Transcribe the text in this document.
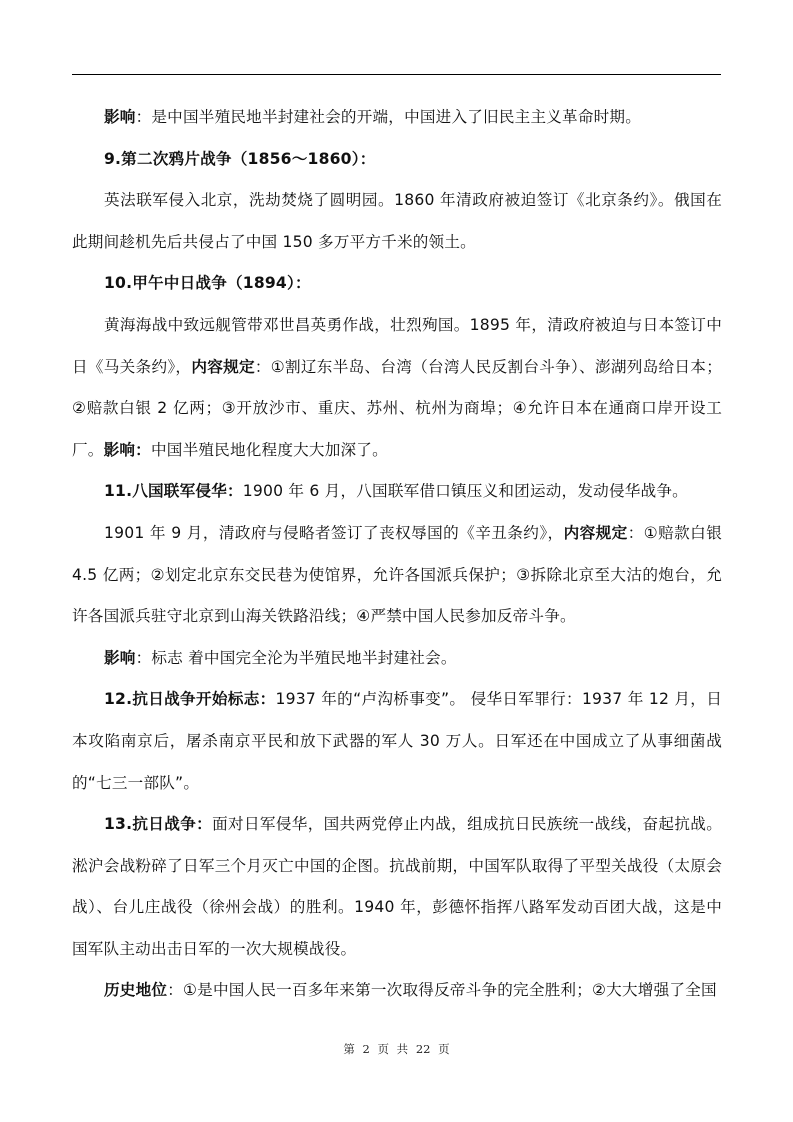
影响：是中国半殖民地半封建社会的开端，中国进入了旧民主主义革命时期。

9.第二次鸦片战争（1856～1860）：

英法联军侵入北京，洗劫焚烧了圆明园。1860 年清政府被迫签订《北京条约》。俄国在此期间趁机先后共侵占了中国 150 多万平方千米的领土。

10.甲午中日战争（1894）：

黄海海战中致远舰管带邓世昌英勇作战，壮烈殉国。1895 年，清政府被迫与日本签订中日《马关条约》，内容规定：①割辽东半岛、台湾（台湾人民反割台斗争）、澎湖列岛给日本；②赔款白银 2 亿两；③开放沙市、重庆、苏州、杭州为商埠；④允许日本在通商口岸开设工厂。影响：中国半殖民地化程度大大加深了。

11.八国联军侵华：1900 年 6 月，八国联军借口镇压义和团运动，发动侵华战争。

1901 年 9 月，清政府与侵略者签订了丧权辱国的《辛丑条约》，内容规定：①赔款白银 4.5 亿两；②划定北京东交民巷为使馆界，允许各国派兵保护；③拆除北京至大沽的炮台，允许各国派兵驻守北京到山海关铁路沿线；④严禁中国人民参加反帝斗争。

影响：标志 着中国完全沦为半殖民地半封建社会。

12.抗日战争开始标志：1937 年的“卢沟桥事变”。 侵华日军罪行：1937 年 12 月，日本攻陷南京后，屠杀南京平民和放下武器的军人 30 万人。日军还在中国成立了从事细菌战的“七三一部队”。

13.抗日战争：面对日军侵华，国共两党停止内战，组成抗日民族统一战线，奋起抗战。淞沪会战粉碎了日军三个月灭亡中国的企图。抗战前期，中国军队取得了平型关战役（太原会战）、台儿庄战役（徐州会战）的胜利。1940 年，彭德怀指挥八路军发动百团大战，这是中国军队主动出击日军的一次大规模战役。

历史地位：①是中国人民一百多年来第一次取得反帝斗争的完全胜利；②大大增强了全国

第 2 页 共 22 页
